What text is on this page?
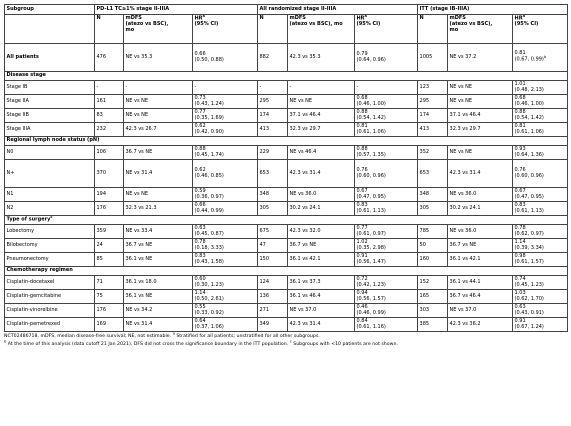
Subgroup	PD-L1 TC≥1% stage II-IIIA			All randomized stage II-IIIA			ITT (stage IB-IIIA)		
	N	mDFS
(atezo vs BSC),
mo	$HR^a$
(95% CI)	N	mDFS
(atezo vs BSC), mo	$HR^a$
(95% CI)	N	mDFS
(atezo vs BSC),
mo	$HR^a$
(95% CI)
All patients	476	NE vs 35.3	0.66
(0.50, 0.88)	882	42.3 vs 35.3	0.79
(0.64, 0.96)	1005	NE vs 37.2	0.81
(0.67, 0.99)$^b$
Disease stage									
Stage IB	-	-	-	-	-	-	123	NE vs NE	1.01
(0.48, 2.13)
Stage IIA	161	NE vs NE	0.73
(0.43, 1.24)	295	NE vs NE	0.68
(0.46, 1.00)	295	NE vs NE	0.68
(0.46, 1.00)
Stage IIB	83	NE vs NE	0.77
(0.35, 1.69)	174	37.1 vs 46.4	0.88
(0.54, 1.42)	174	37.1 vs 46.4	0.88
(0.54, 1.42)
Stage IIIA	232	42.3 vs 26.7	0.62
(0.42, 0.90)	413	32.3 vs 29.7	0.81
(0.61, 1.06)	413	32.3 vs 29.7	0.81
(0.61, 1.06)
Regional lymph node status (pN)									
N0	106	36.7 vs NE	0.88
(0.45, 1.74)	229	NE vs 46.4	0.88
(0.57, 1.35)	352	NE vs NE	0.93
(0.64, 1.36)
N+	370	NE vs 31.4	0.62
(0.46, 0.85)	653	42.3 vs 31.4	0.76
(0.60, 0.96)	653	42.3 vs 31.4	0.76
(0.60, 0.96)
N1	194	NE vs NE	0.59
(0.36, 0.97)	348	NE vs 36.0	0.67
(0.47, 0.95)	348	NE vs 36.0	0.67
(0.47, 0.95)
N2	176	32.3 vs 21.3	0.66
(0.44, 0.99)	305	30.2 vs 24.1	0.83
(0.61, 1.13)	305	30.2 vs 24.1	0.83
(0.61, 1.13)
Type of surgery$^c$
Lobectomy	359	NE vs 33.4	0.63
(0.45, 0.87)	675	42.3 vs 32.0	0.77
(0.61, 0.97)	785	NE vs 36.0	0.78
(0.62, 0.97)
Bilobectomy	24	36.7 vs NE	0.78
(0.18, 3.33)	47	36.7 vs NE	1.02
(0.35, 2.98)	50	36.7 vs NE	1.14
(0.39, 3.34)
Pneumonectomy	85	36.1 vs NE	0.83
(0.43, 1.58)	150	36.1 vs 42.1	0.91
(0.56, 1.47)	160	36.1 vs 42.1	0.98
(0.61, 1.57)
Chemotherapy regimen									
Cisplatin-docetaxel	71	36.1 vs 18.0	0.60
(0.30, 1.23)	124	36.1 vs 37.3	0.72
(0.42, 1.23)	152	36.1 vs 44.1	0.74
(0.45, 1.23)
Cisplatin-gemcitabine	75	36.1 vs NE	1.14
(0.50, 2.61)	136	36.1 vs 46.4	0.94
(0.56, 1.57)	165	36.7 vs 46.4	1.03
(0.62, 1.70)
Cisplatin-vinorelbine	176	NE vs 34.2	0.55
(0.33, 0.92)	271	NE vs 37.0	0.46
(0.46, 0.99)	303	NE vs 37.0	0.63
(0.43, 0.91)
Cisplatin-pemetrexed	169	NE vs 31.4	0.64
(0.37, 1.06)	349	42.3 vs 31.4	0.84
(0.61, 1.16)	385	42.3 vs 36.2	0.91
(0.67, 1.24)
NCT02486718. mDFS, median disease-free survival; NE, not estimable. $^a$ Stratified for all patients; unstratified for all other subgroups.
$^b$ At the time of this analysis (data cutoff 21 Jan 2021), DFS did not cross the significance boundary in the ITT population. $^c$ Subgroups with <10 patients are not shown.
